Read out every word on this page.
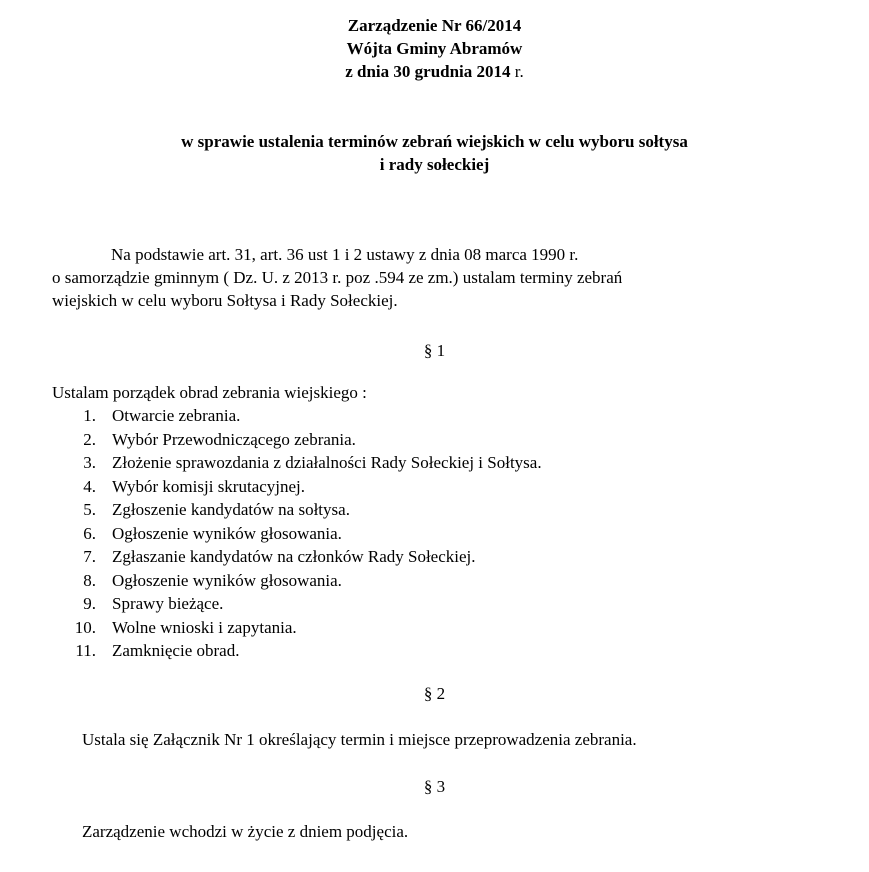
Zarządzenie Nr 66/2014
Wójta Gminy Abramów
z dnia 30 grudnia 2014 r.
w sprawie ustalenia terminów zebrań wiejskich w celu wyboru sołtysa
i rady sołeckiej
Na podstawie art. 31, art. 36 ust 1 i 2 ustawy z dnia 08 marca 1990 r.
o samorządzie gminnym ( Dz. U. z 2013 r. poz .594 ze zm.) ustalam terminy zebrań
wiejskich w celu wyboru Sołtysa i Rady Sołeckiej.
§ 1
Ustalam porządek obrad zebrania wiejskiego :
1. Otwarcie zebrania.
2. Wybór Przewodniczącego zebrania.
3. Złożenie sprawozdania z działalności Rady Sołeckiej i Sołtysa.
4. Wybór komisji skrutacyjnej.
5. Zgłoszenie kandydatów na sołtysa.
6. Ogłoszenie wyników głosowania.
7. Zgłaszanie kandydatów na członków Rady Sołeckiej.
8. Ogłoszenie wyników głosowania.
9. Sprawy bieżące.
10. Wolne wnioski i zapytania.
11. Zamknięcie obrad.
§ 2
Ustala się Załącznik Nr 1 określający termin i miejsce przeprowadzenia zebrania.
§ 3
Zarządzenie wchodzi w życie z dniem podjęcia.
